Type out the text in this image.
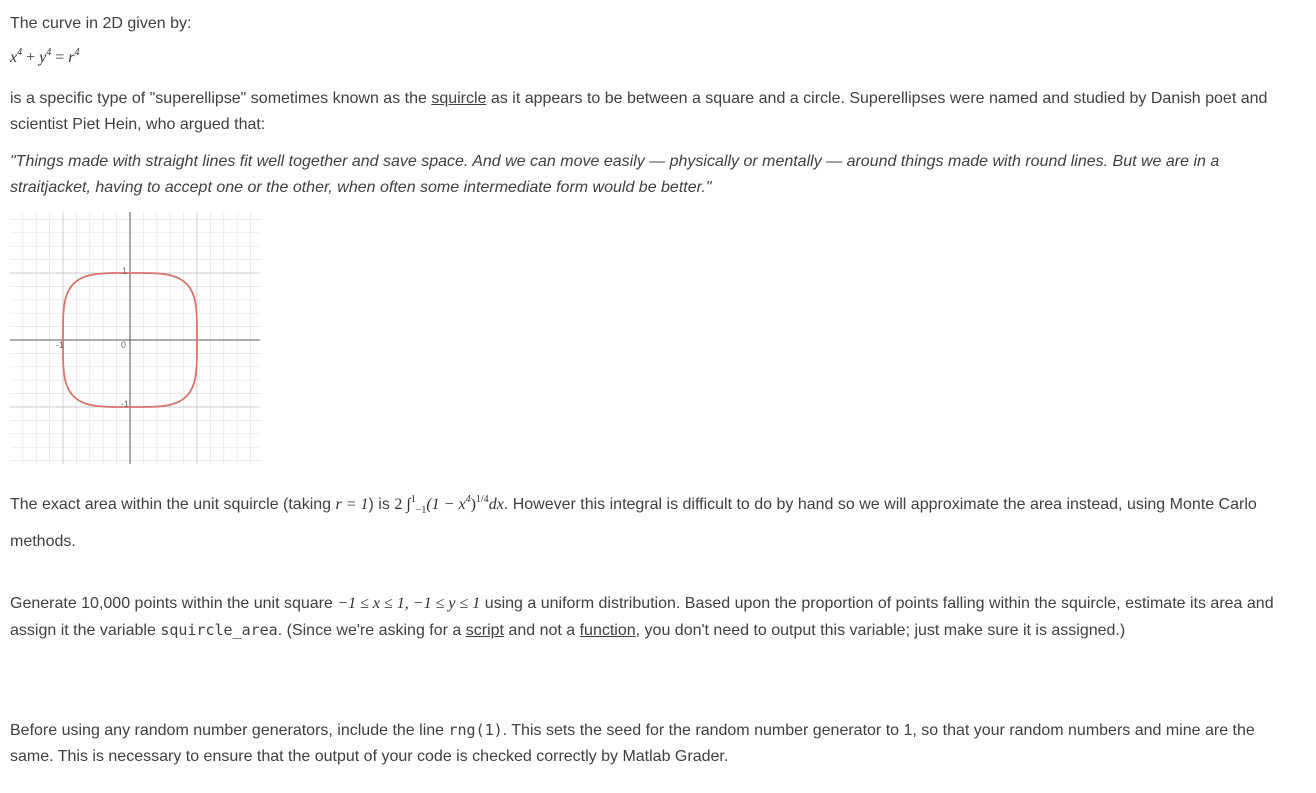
The curve in 2D given by:

$x^4 + y^4 = r^4$

is a specific type of "superellipse" sometimes known as the squircle as it appears to be between a square and a circle. Superellipses were named and studied by Danish poet and scientist Piet Hein, who argued that:

"Things made with straight lines fit well together and save space. And we can move easily — physically or mentally — around things made with round lines. But we are in a straitjacket, having to accept one or the other, when often some intermediate form would be better."

1
0
-1
-1

The exact area within the unit squircle (taking r = 1) is 2 $\int^1_{-1}(1 - x^4)^{1/4}dx$. However this integral is difficult to do by hand so we will approximate the area instead, using Monte Carlo methods.

Generate 10,000 points within the unit square −1 ≤ x ≤ 1, −1 ≤ y ≤ 1 using a uniform distribution. Based upon the proportion of points falling within the squircle, estimate its area and assign it the variable squircle_area. (Since we're asking for a script and not a function, you don't need to output this variable; just make sure it is assigned.)

Before using any random number generators, include the line rng(1). This sets the seed for the random number generator to 1, so that your random numbers and mine are the same. This is necessary to ensure that the output of your code is checked correctly by Matlab Grader.
